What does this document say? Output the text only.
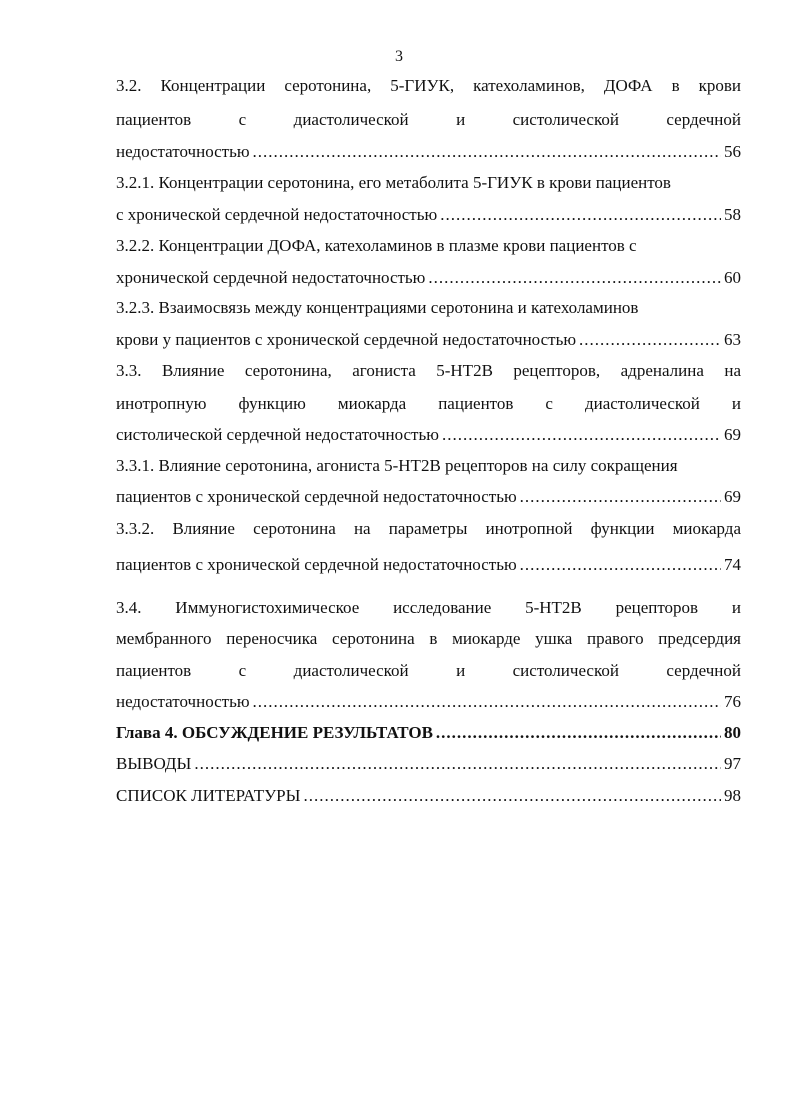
3
3.2. Концентрации серотонина, 5-ГИУК, катехоламинов, ДОФА в крови
пациентов с диастолической и систолической сердечной
недостаточностью .....	56
3.2.1. Концентрации серотонина, его метаболита 5-ГИУК в крови пациентов
с хронической сердечной недостаточностью .....	58
3.2.2. Концентрации ДОФА, катехоламинов в плазме крови пациентов с
хронической сердечной недостаточностью .....	60
3.2.3. Взаимосвязь между концентрациями серотонина и катехоламинов
крови у пациентов с хронической сердечной недостаточностью .....	63
3.3. Влияние серотонина, агониста 5-НТ2В рецепторов, адреналина на
инотропную функцию миокарда пациентов с диастолической и
систолической сердечной недостаточностью .....	69
3.3.1. Влияние серотонина, агониста 5-НТ2В рецепторов на силу сокращения
пациентов с хронической сердечной недостаточностью .....	69
3.3.2. Влияние серотонина на параметры инотропной функции миокарда
пациентов с хронической сердечной недостаточностью .....	74
3.4. Иммуногистохимическое исследование 5-НТ2В рецепторов и
мембранного переносчика серотонина в миокарде ушка правого предсердия
пациентов с диастолической и систолической сердечной
недостаточностью .....	76
Глава 4. ОБСУЖДЕНИЕ РЕЗУЛЬТАТОВ .....	80
ВЫВОДЫ .....	97
СПИСОК ЛИТЕРАТУРЫ .....	98
